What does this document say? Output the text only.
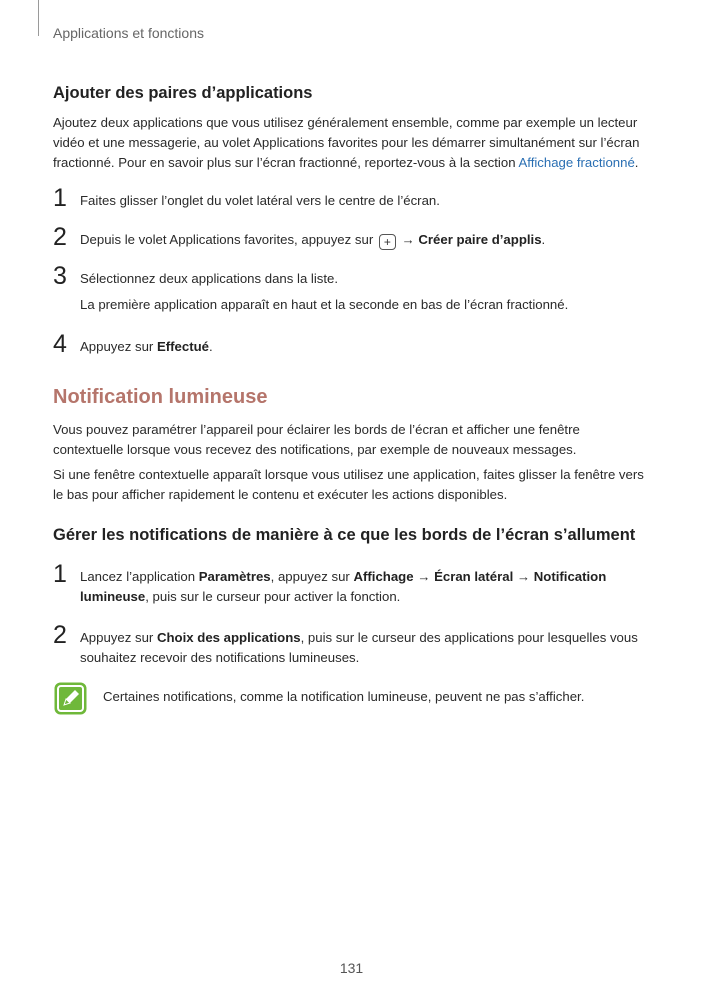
Applications et fonctions
Ajouter des paires d’applications
Ajoutez deux applications que vous utilisez généralement ensemble, comme par exemple un lecteur vidéo et une messagerie, au volet Applications favorites pour les démarrer simultanément sur l’écran fractionné. Pour en savoir plus sur l’écran fractionné, reportez-vous à la section Affichage fractionné.
1 Faites glisser l’onglet du volet latéral vers le centre de l’écran.
2 Depuis le volet Applications favorites, appuyez sur + → Créer paire d’applis.
3 Sélectionnez deux applications dans la liste.
La première application apparaît en haut et la seconde en bas de l’écran fractionné.
4 Appuyez sur Effectué.
Notification lumineuse
Vous pouvez paramétrer l’appareil pour éclairer les bords de l’écran et afficher une fenêtre contextuelle lorsque vous recevez des notifications, par exemple de nouveaux messages.
Si une fenêtre contextuelle apparaît lorsque vous utilisez une application, faites glisser la fenêtre vers le bas pour afficher rapidement le contenu et exécuter les actions disponibles.
Gérer les notifications de manière à ce que les bords de l’écran s’allument
1 Lancez l’application Paramètres, appuyez sur Affichage → Écran latéral → Notification lumineuse, puis sur le curseur pour activer la fonction.
2 Appuyez sur Choix des applications, puis sur le curseur des applications pour lesquelles vous souhaitez recevoir des notifications lumineuses.
Certaines notifications, comme la notification lumineuse, peuvent ne pas s’afficher.
131
